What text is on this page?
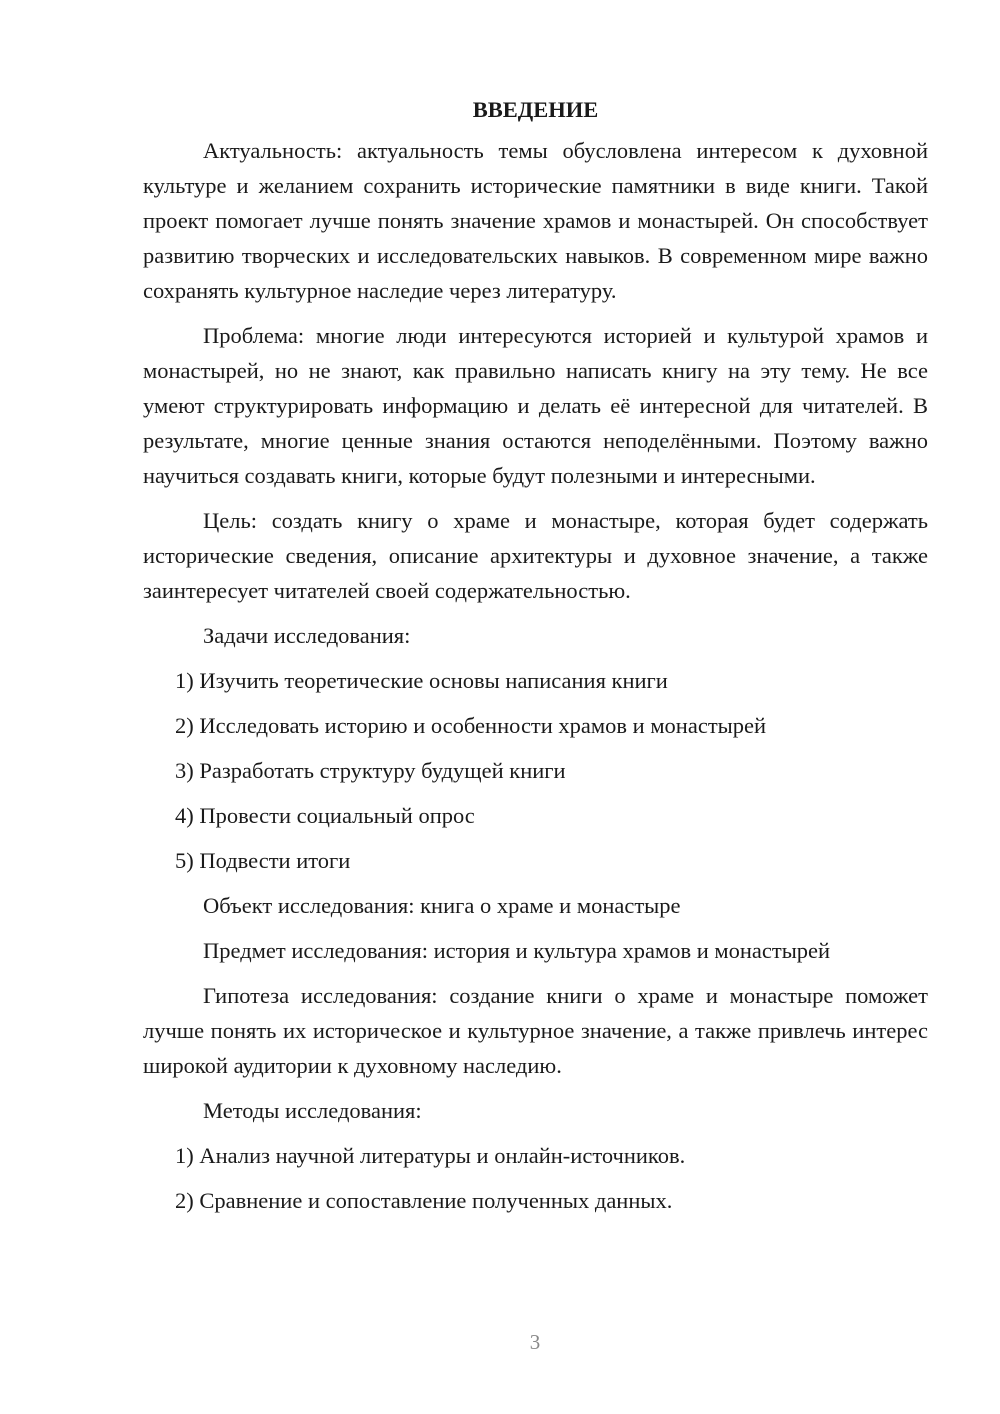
ВВЕДЕНИЕ

Актуальность: актуальность темы обусловлена интересом к духовной культуре и желанием сохранить исторические памятники в виде книги. Такой проект помогает лучше понять значение храмов и монастырей. Он способствует развитию творческих и исследовательских навыков. В современном мире важно сохранять культурное наследие через литературу.

Проблема: многие люди интересуются историей и культурой храмов и монастырей, но не знают, как правильно написать книгу на эту тему. Не все умеют структурировать информацию и делать её интересной для читателей. В результате, многие ценные знания остаются неподелёнными. Поэтому важно научиться создавать книги, которые будут полезными и интересными.

Цель: создать книгу о храме и монастыре, которая будет содержать исторические сведения, описание архитектуры и духовное значение, а также заинтересует читателей своей содержательностью.

Задачи исследования:

1) Изучить теоретические основы написания книги

2) Исследовать историю и особенности храмов и монастырей

3) Разработать структуру будущей книги

4) Провести социальный опрос

5) Подвести итоги

Объект исследования: книга о храме и монастыре

Предмет исследования: история и культура храмов и монастырей

Гипотеза исследования: создание книги о храме и монастыре поможет лучше понять их историческое и культурное значение, а также привлечь интерес широкой аудитории к духовному наследию.

Методы исследования:

1) Анализ научной литературы и онлайн-источников.

2) Сравнение и сопоставление полученных данных.

3
